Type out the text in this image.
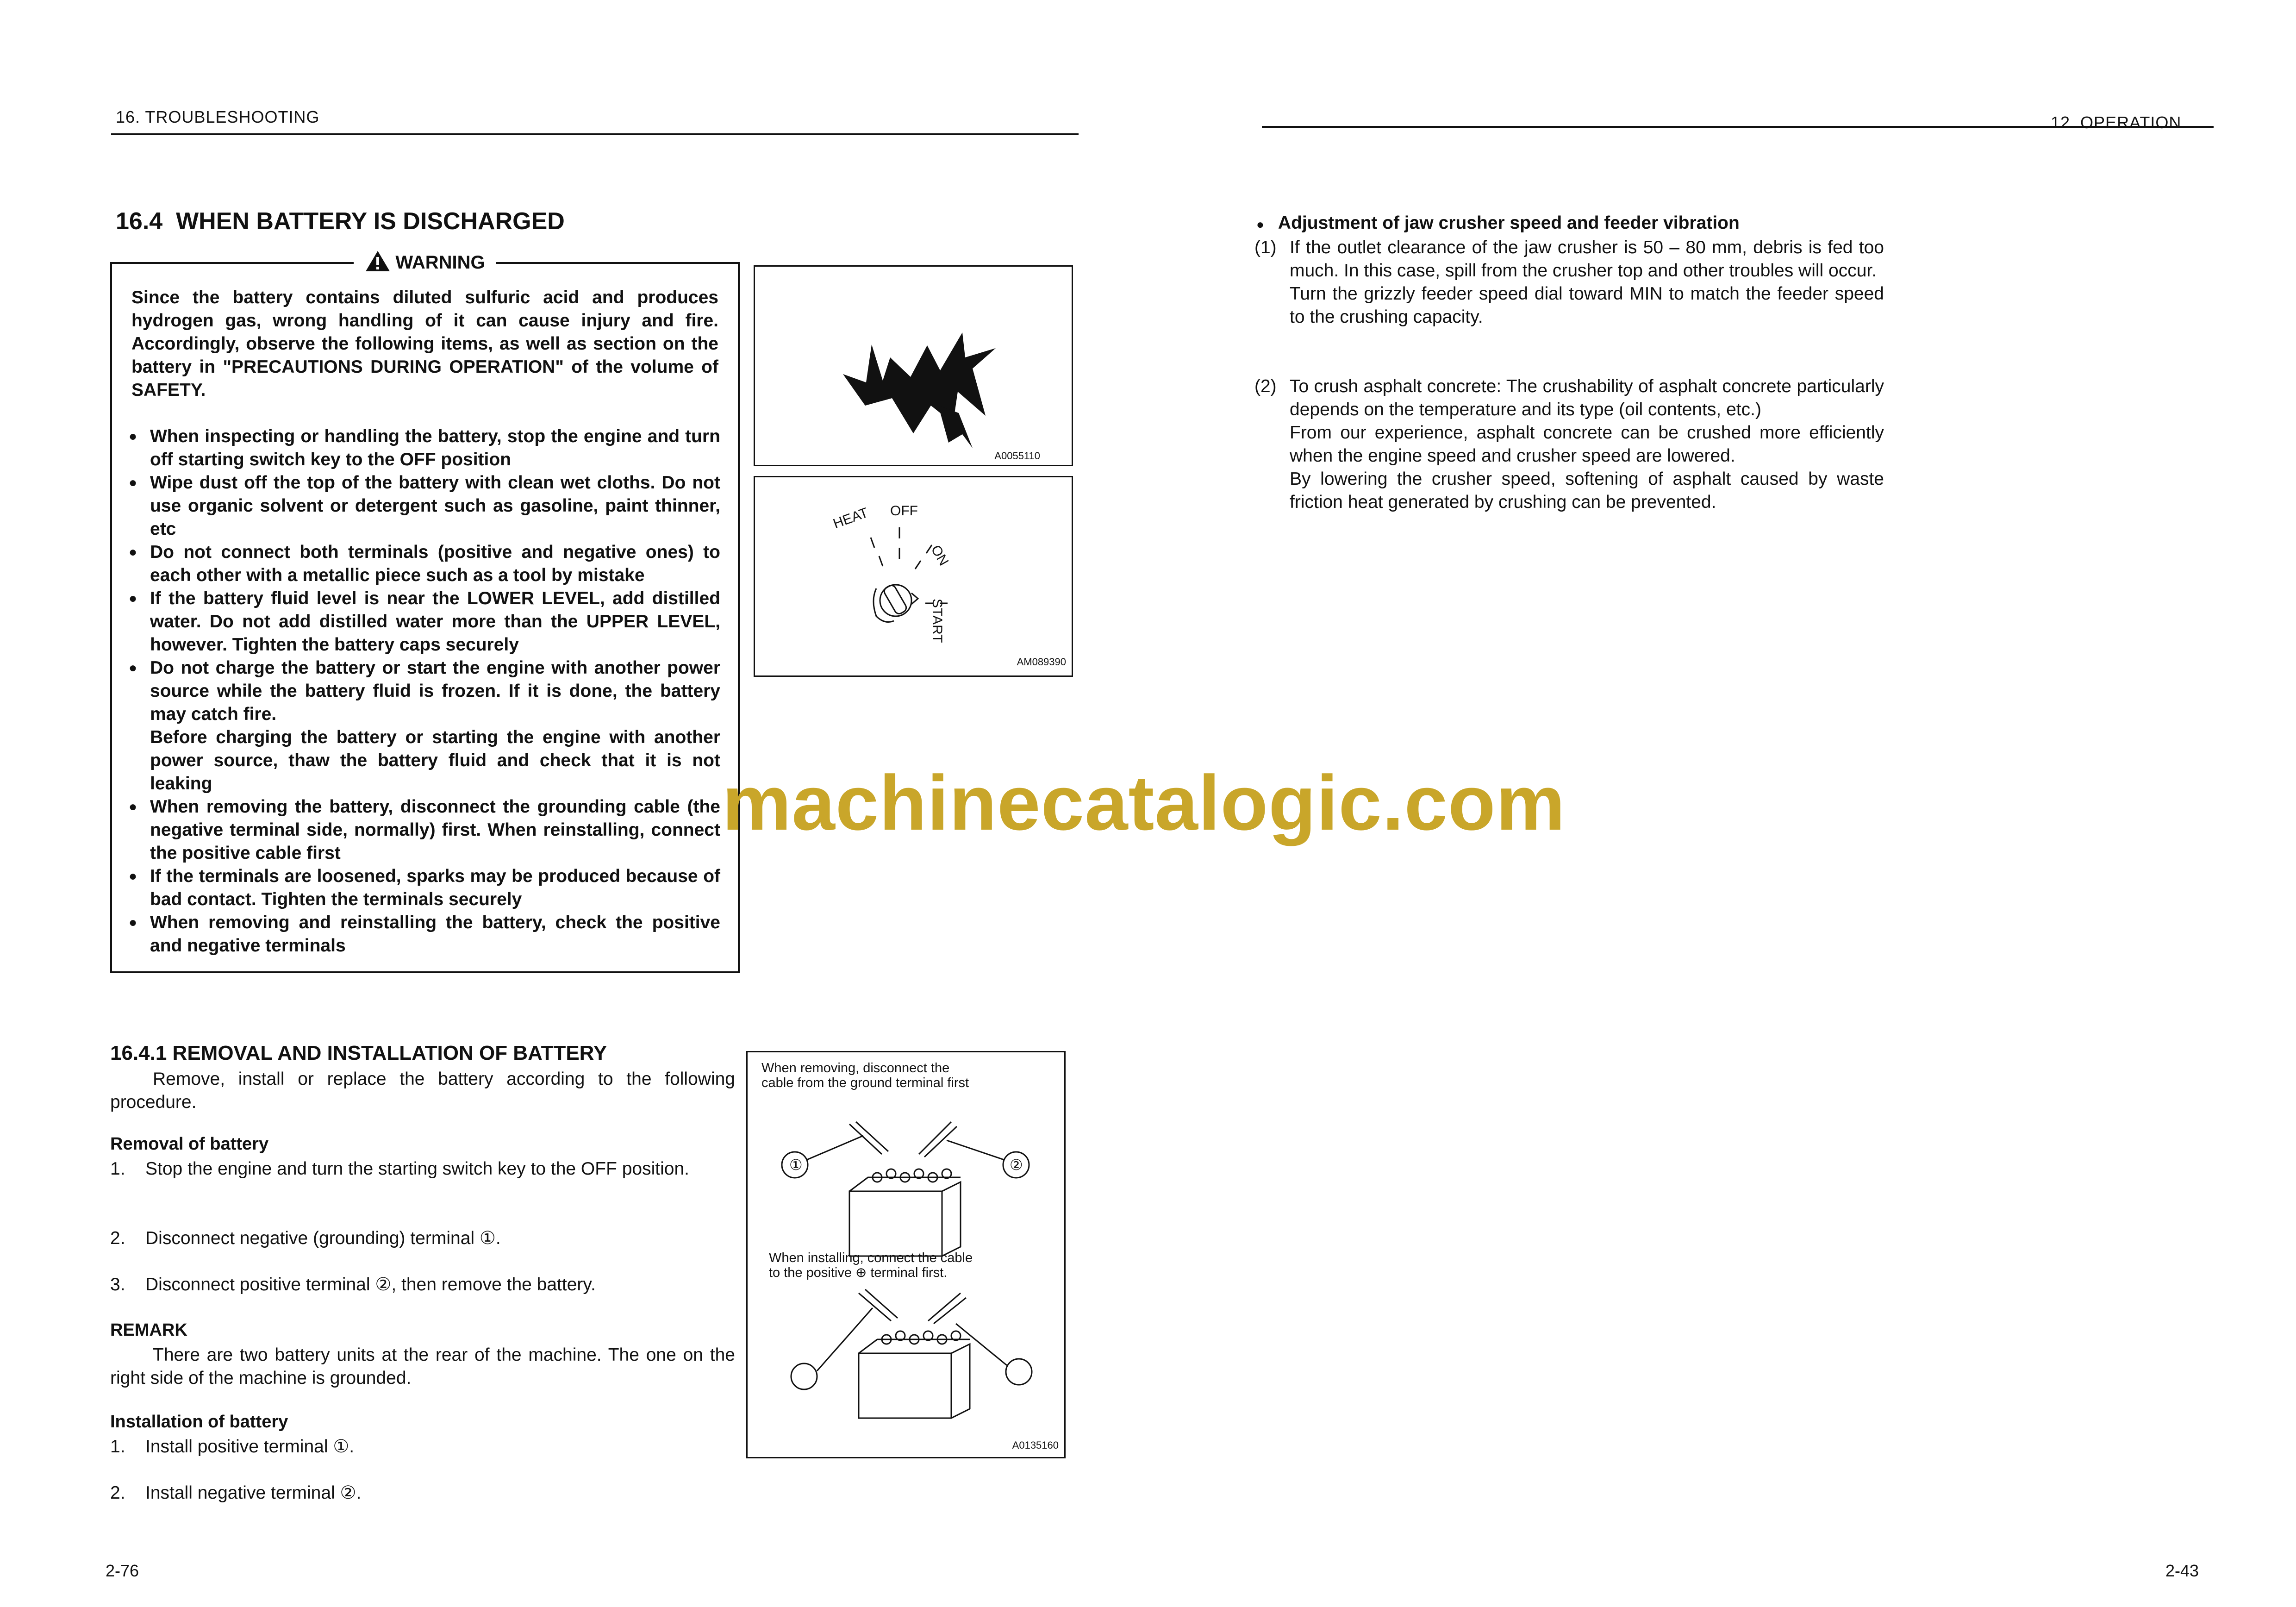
16. TROUBLESHOOTING
16.4  WHEN BATTERY IS DISCHARGED
WARNING
Since the battery contains diluted sulfuric acid and produces hydrogen gas, wrong handling of it can cause injury and fire. Accordingly, observe the following items, as well as section on the battery in "PRECAUTIONS DURING OPERATION" of the volume of SAFETY.
● When inspecting or handling the battery, stop the engine and turn off starting switch key to the OFF position
● Wipe dust off the top of the battery with clean wet cloths. Do not use organic solvent or detergent such as gasoline, paint thinner, etc
● Do not connect both terminals (positive and negative ones) to each other with a metallic piece such as a tool by mistake
● If the battery fluid level is near the LOWER LEVEL, add distilled water. Do not add distilled water more than the UPPER LEVEL, however. Tighten the battery caps securely
● Do not charge the battery or start the engine with another power source while the battery fluid is frozen. If it is done, the battery may catch fire.
Before charging the battery or starting the engine with another power source, thaw the battery fluid and check that it is not leaking
● When removing the battery, disconnect the grounding cable (the negative terminal side, normally) first. When reinstalling, connect the positive cable first
● If the terminals are loosened, sparks may be produced because of bad contact. Tighten the terminals securely
● When removing and reinstalling the battery, check the positive and negative terminals
A0055110
HEAT OFF
ON
START
AM089390
16.4.1 REMOVAL AND INSTALLATION OF BATTERY
Remove, install or replace the battery according to the following procedure.
Removal of battery
1.	Stop the engine and turn the starting switch key to the OFF position.
2.	Disconnect negative (grounding) terminal ①.
3.	Disconnect positive terminal ②, then remove the battery.
REMARK
There are two battery units at the rear of the machine. The one on the right side of the machine is grounded.
Installation of battery
1.	Install positive terminal ①.
2.	Install negative terminal ②.
When removing, disconnect the cable from the ground terminal first
When installing, connect the cable to the positive ⊕ terminal first.
①	②
A0135160
2-76
machinecatalogic.com
12. OPERATION
● Adjustment of jaw crusher speed and feeder vibration
(1) If the outlet clearance of the jaw crusher is 50 – 80 mm, debris is fed too much. In this case, spill from the crusher top and other troubles will occur.
Turn the grizzly feeder speed dial toward MIN to match the feeder speed to the crushing capacity.
(2) To crush asphalt concrete: The crushability of asphalt concrete particularly depends on the temperature and its type (oil contents, etc.)
From our experience, asphalt concrete can be crushed more efficiently when the engine speed and crusher speed are lowered.
By lowering the crusher speed, softening of asphalt caused by waste friction heat generated by crushing can be prevented.
2-43
